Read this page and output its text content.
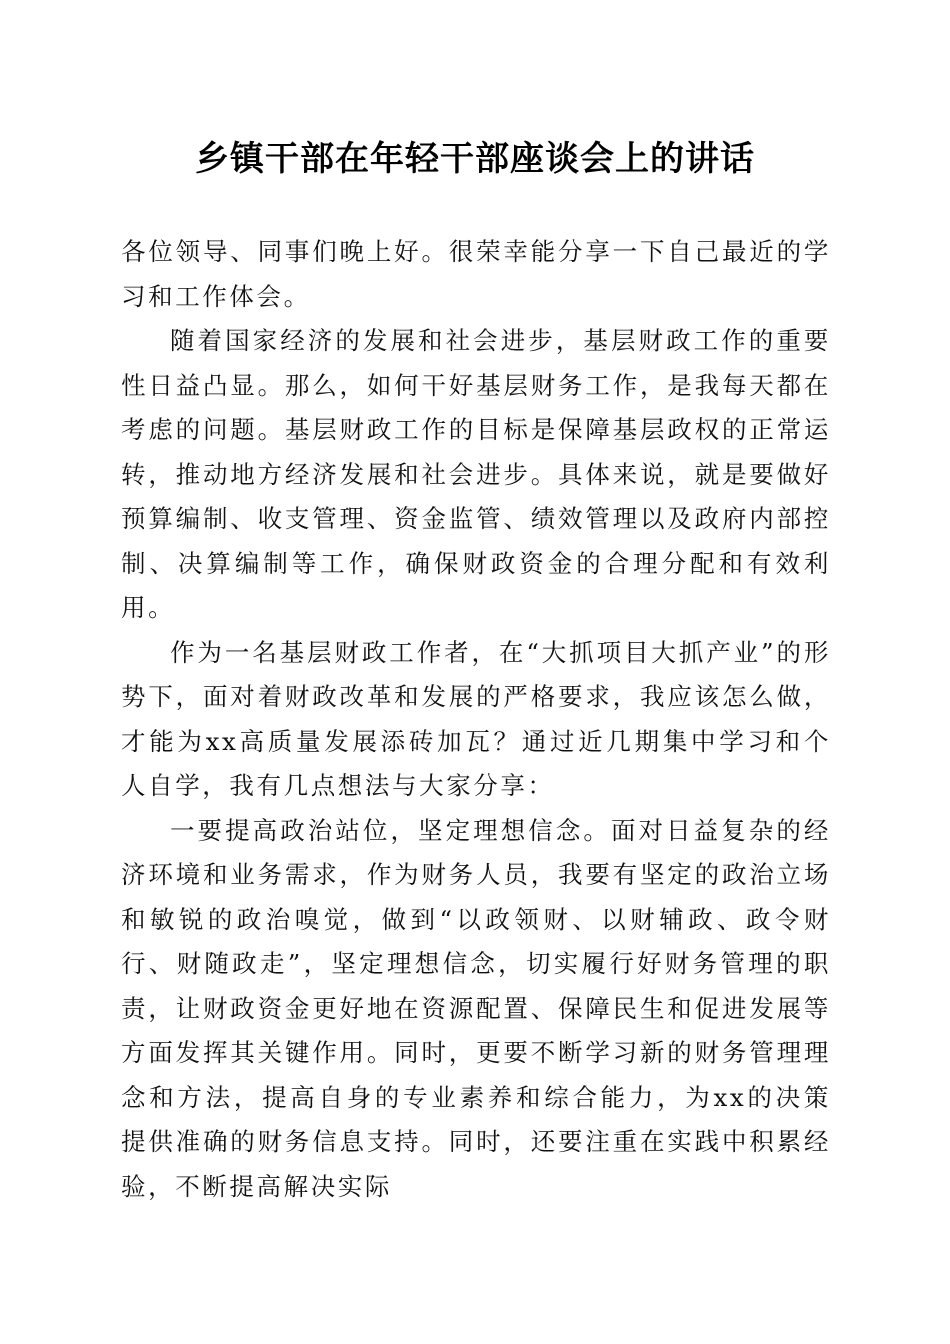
乡镇干部在年轻干部座谈会上的讲话

各位领导、同事们晚上好。很荣幸能分享一下自己最近的学习和工作体会。

随着国家经济的发展和社会进步，基层财政工作的重要性日益凸显。那么，如何干好基层财务工作，是我每天都在考虑的问题。基层财政工作的目标是保障基层政权的正常运转，推动地方经济发展和社会进步。具体来说，就是要做好预算编制、收支管理、资金监管、绩效管理以及政府内部控制、决算编制等工作，确保财政资金的合理分配和有效利用。

作为一名基层财政工作者，在“大抓项目大抓产业”的形势下，面对着财政改革和发展的严格要求，我应该怎么做，才能为xx高质量发展添砖加瓦？通过近几期集中学习和个人自学，我有几点想法与大家分享：

一要提高政治站位，坚定理想信念。面对日益复杂的经济环境和业务需求，作为财务人员，我要有坚定的政治立场和敏锐的政治嗅觉，做到“以政领财、以财辅政、政令财行、财随政走”，坚定理想信念，切实履行好财务管理的职责，让财政资金更好地在资源配置、保障民生和促进发展等方面发挥其关键作用。同时，更要不断学习新的财务管理理念和方法，提高自身的专业素养和综合能力，为xx的决策提供准确的财务信息支持。同时，还要注重在实践中积累经验，不断提高解决实际
